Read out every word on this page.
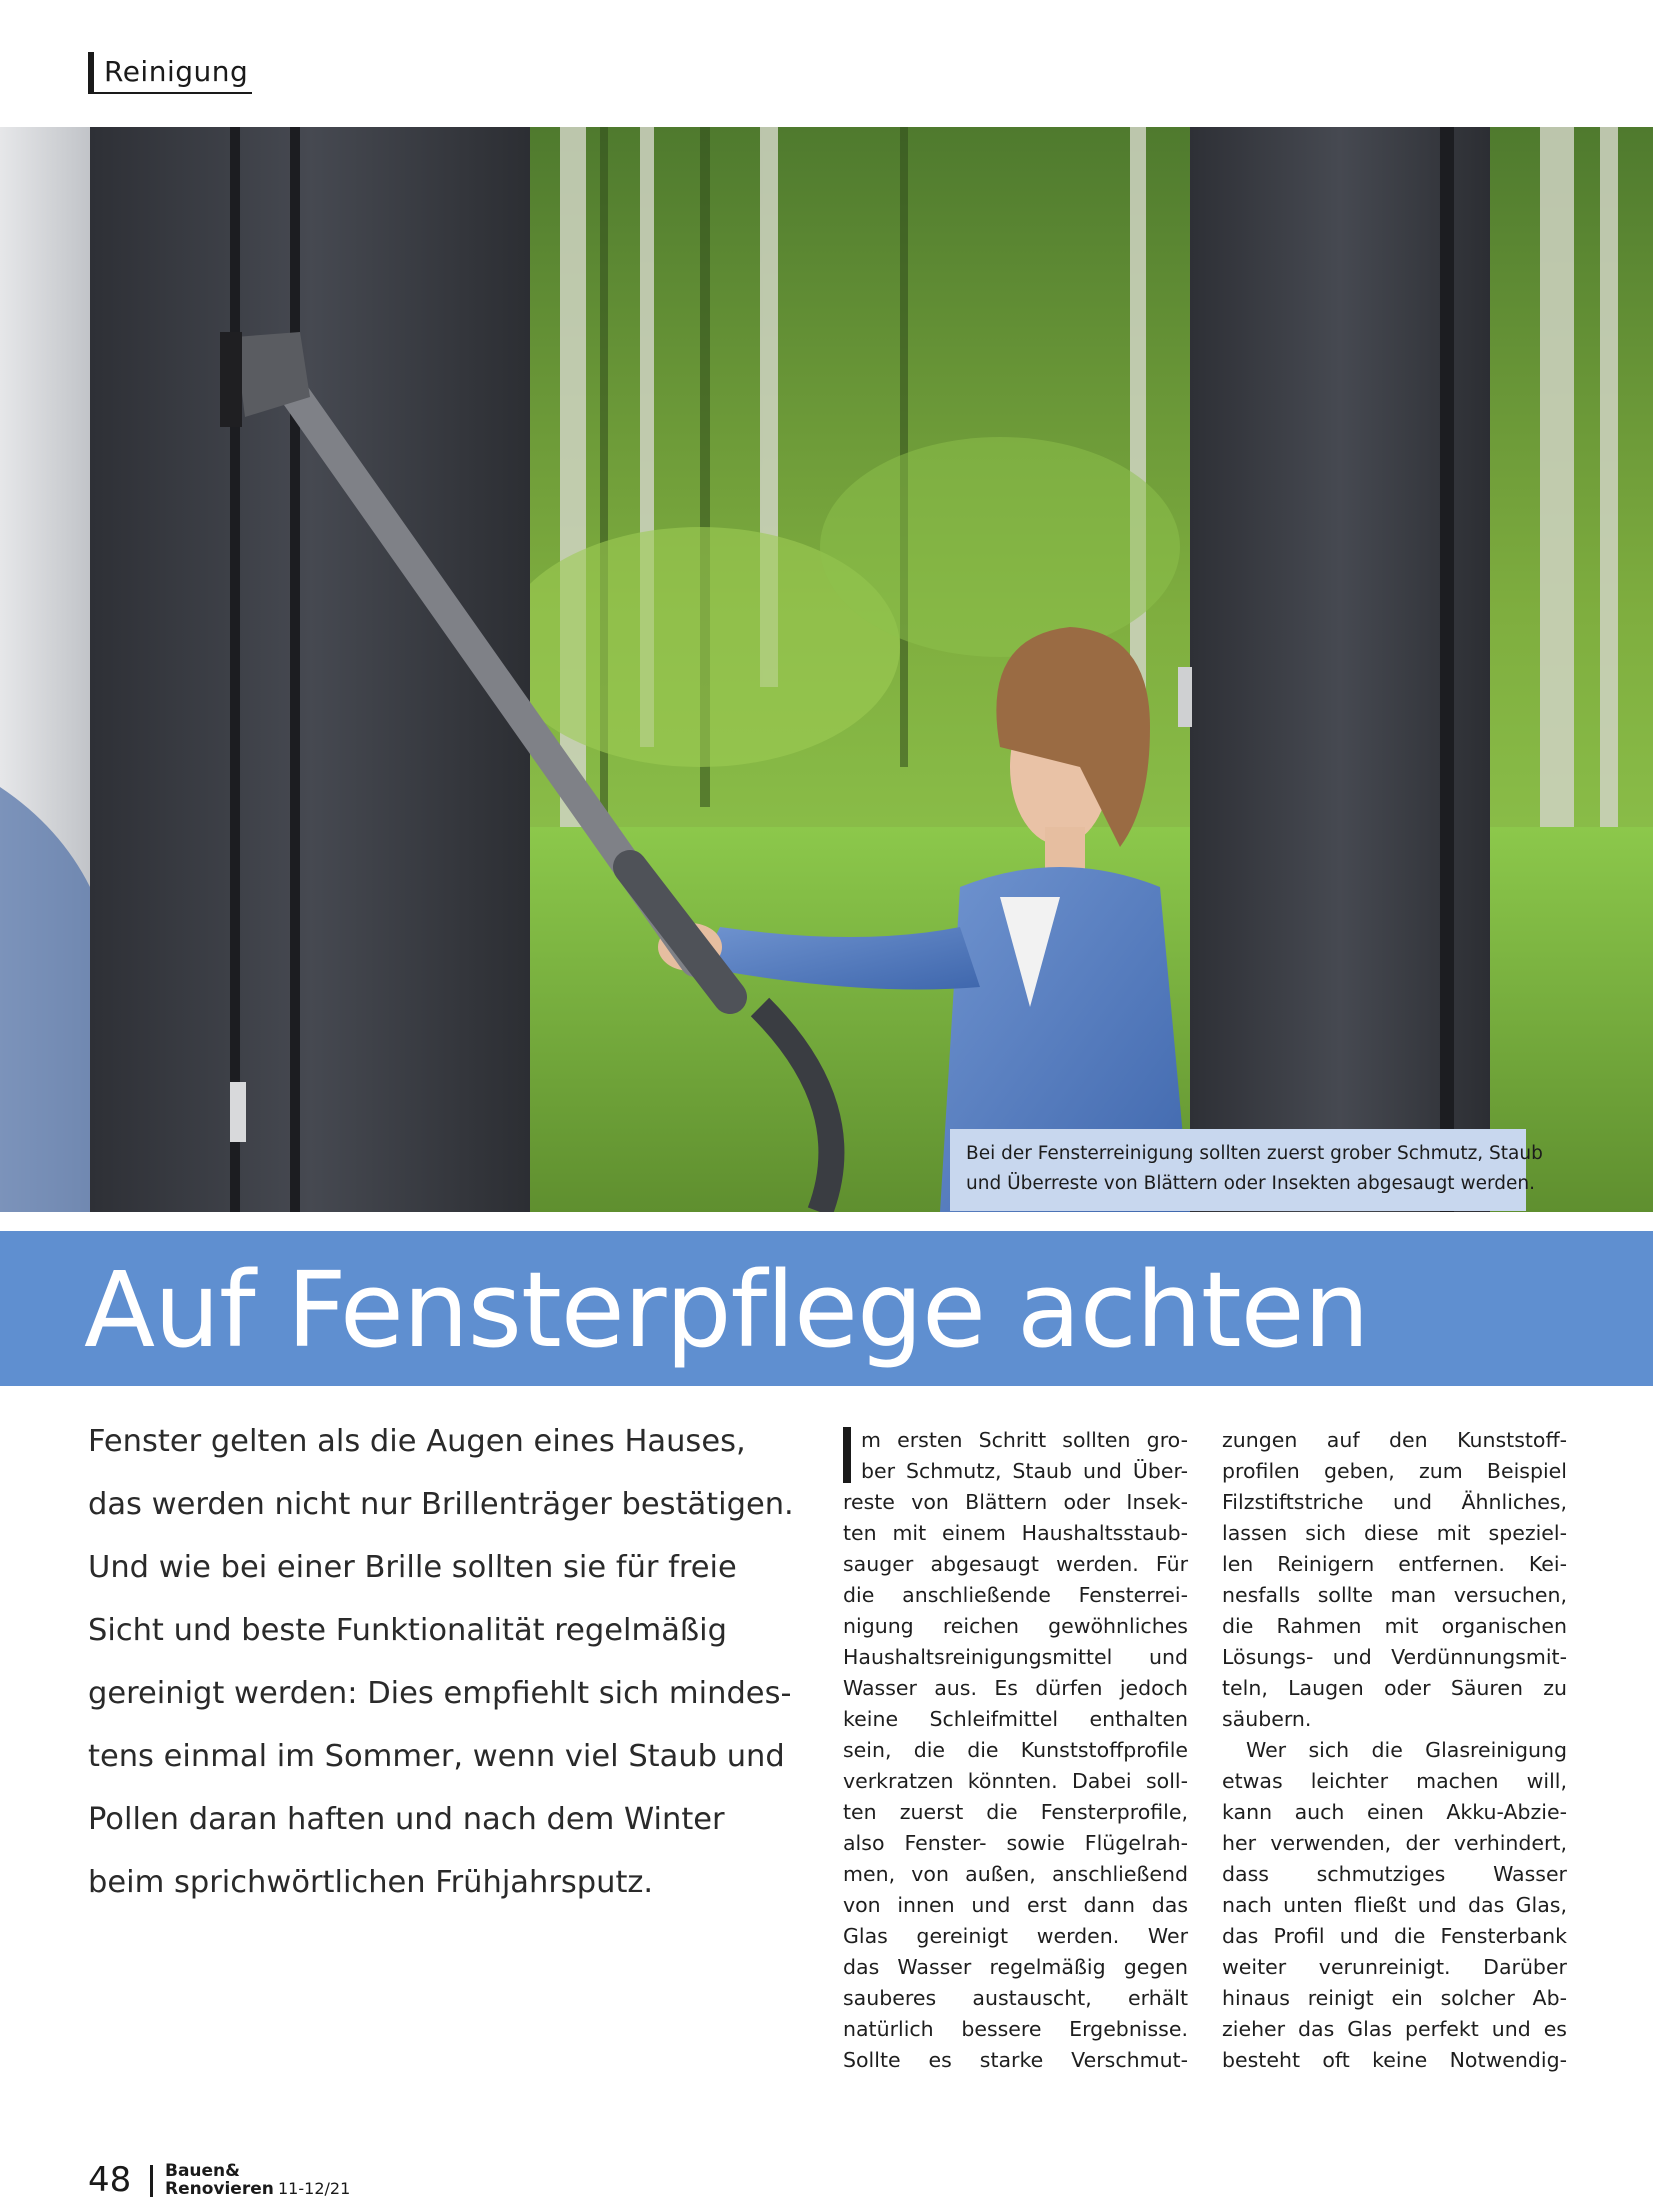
Reinigung
Bei der Fensterreinigung sollten zuerst grober Schmutz, Staub
und Überreste von Blättern oder Insekten abgesaugt werden.
Auf Fensterpflege achten
Fenster gelten als die Augen eines Hauses,
das werden nicht nur Brillenträger bestätigen.
Und wie bei einer Brille sollten sie für freie
Sicht und beste Funktionalität regelmäßig
gereinigt werden: Dies empfiehlt sich mindes-
tens einmal im Sommer, wenn viel Staub und
Pollen daran haften und nach dem Winter
beim sprichwörtlichen Frühjahrsputz.
m ersten Schritt sollten gro-
ber Schmutz, Staub und Über-
reste von Blättern oder Insek-
ten mit einem Haushaltsstaub-
sauger abgesaugt werden. Für
die anschließende Fensterrei-
nigung reichen gewöhnliches
Haushaltsreinigungsmittel und
Wasser aus. Es dürfen jedoch
keine Schleifmittel enthalten
sein, die die Kunststoffprofile
verkratzen könnten. Dabei soll-
ten zuerst die Fensterprofile,
also Fenster- sowie Flügelrah-
men, von außen, anschließend
von innen und erst dann das
Glas gereinigt werden. Wer
das Wasser regelmäßig gegen
sauberes austauscht, erhält
natürlich bessere Ergebnisse.
Sollte es starke Verschmut-
zungen auf den Kunststoff-
profilen geben, zum Beispiel
Filzstiftstriche und Ähnliches,
lassen sich diese mit speziel-
len Reinigern entfernen. Kei-
nesfalls sollte man versuchen,
die Rahmen mit organischen
Lösungs- und Verdünnungsmit-
teln, Laugen oder Säuren zu
säubern.
Wer sich die Glasreinigung
etwas leichter machen will,
kann auch einen Akku-Abzie-
her verwenden, der verhindert,
dass schmutziges Wasser
nach unten fließt und das Glas,
das Profil und die Fensterbank
weiter verunreinigt. Darüber
hinaus reinigt ein solcher Ab-
zieher das Glas perfekt und es
besteht oft keine Notwendig-
48 Bauen&
Renovieren 11-12/21
